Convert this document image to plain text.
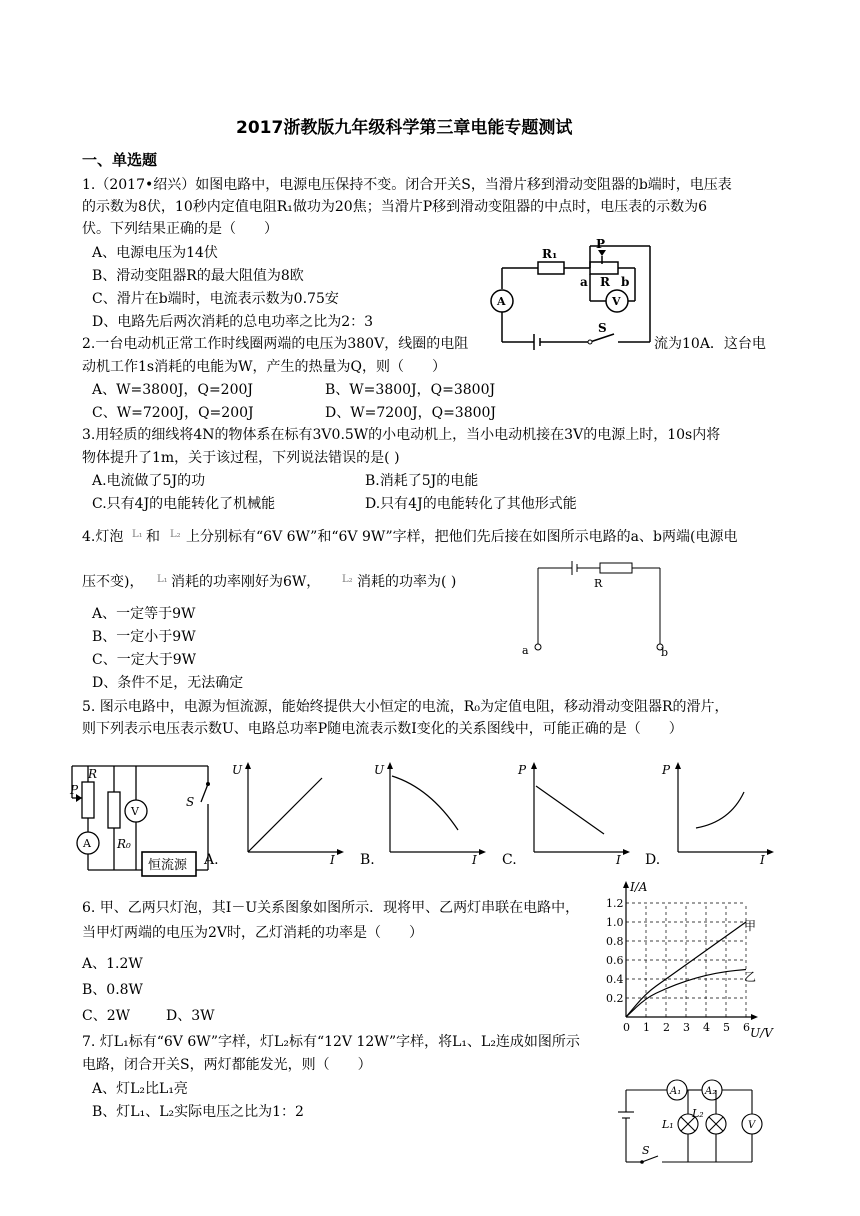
2017浙教版九年级科学第三章电能专题测试
一、单选题
1.（2017•绍兴）如图电路中，电源电压保持不变。闭合开关S，当滑片移到滑动变阻器的b端时，电压表
的示数为8伏，10秒内定值电阻R₁做功为20焦；当滑片P移到滑动变阻器的中点时，电压表的示数为6
伏。下列结果正确的是（　　）
A、电源电压为14伏
B、滑动变阻器R的最大阻值为8欧
C、滑片在b端时，电流表示数为0.75安
D、电路先后两次消耗的总电功率之比为2：3
R₁
P
a R b
V
A
S
2.一台电动机正常工作时线圈两端的电压为380V，线圈的电阻	流为10A．这台电
动机工作1s消耗的电能为W，产生的热量为Q，则（　　）
A、W=3800J，Q=200J	B、W=3800J，Q=3800J
C、W=7200J，Q=200J	D、W=7200J，Q=3800J
3.用轻质的细线将4N的物体系在标有3V0.5W的小电动机上，当小电动机接在3V的电源上时，10s内将
物体提升了1m，关于该过程，下列说法错误的是( )
A.电流做了5J的功	B.消耗了5J的电能
C.只有4J的电能转化了机械能	D.只有4J的电能转化了其他形式能
4.灯泡 L₁ 和 L₂ 上分别标有“6V 6W”和“6V 9W”字样，把他们先后接在如图所示电路的a、b两端(电源电
压不变)， L₁ 消耗的功率刚好为6W， L₂ 消耗的功率为( )
A、一定等于9W
B、一定小于9W
C、一定大于9W
D、条件不足，无法确定
R
a	b
5. 图示电路中，电源为恒流源，能始终提供大小恒定的电流，R₀为定值电阻，移动滑动变阻器R的滑片，
则下列表示电压表示数U、电路总功率P随电流表示数I变化的关系图线中，可能正确的是（　　）
R
P
A
V
R₀
S
恒流源 A.
U
I B.
U
I C.
P
I D.
P
I
6. 甲、乙两只灯泡，其I－U关系图象如图所示．现将甲、乙两灯串联在电路中，
当甲灯两端的电压为2V时，乙灯消耗的功率是（　　）
A、1.2W
B、0.8W
C、2W	D、3W
1.2
1.0
0.8
0.6
0.4
0.2
0 1 2 3 4 5 6
I/A
U/V
甲
乙
7. 灯L₁标有“6V 6W”字样，灯L₂标有“12V 12W”字样，将L₁、L₂连成如图所示
电路，闭合开关S，两灯都能发光，则（　　）
A、灯L₂比L₁亮
B、灯L₁、L₂实际电压之比为1：2
A₁ A₂
L₁
L₂
V
S
